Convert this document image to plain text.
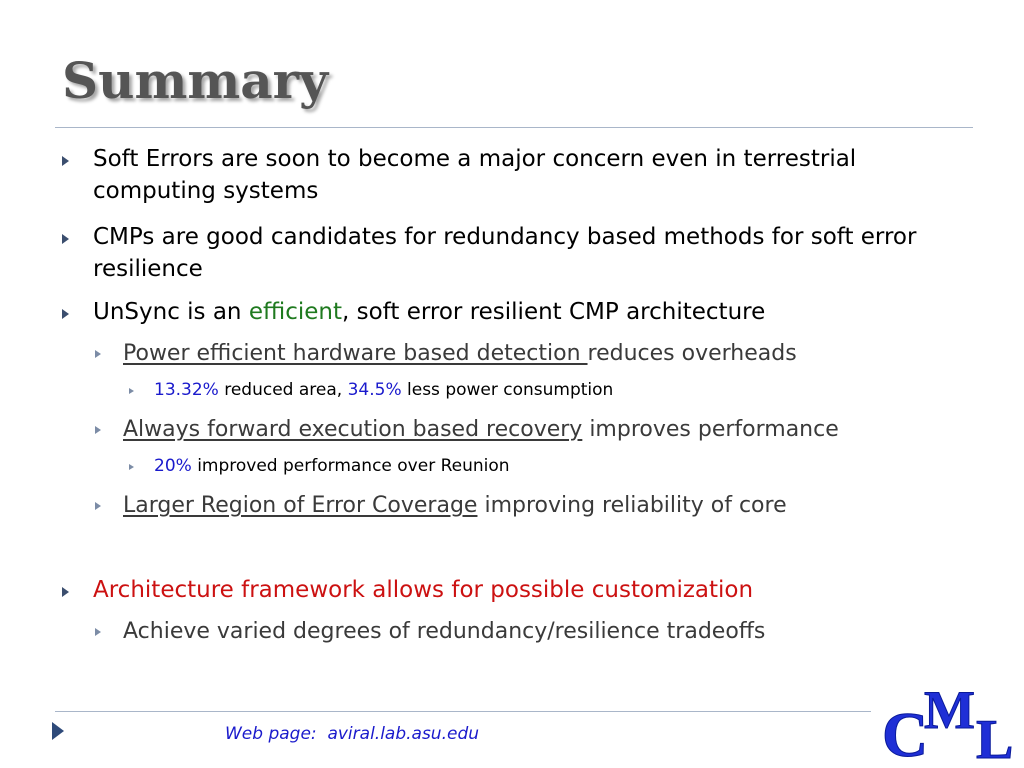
Summary
Soft Errors are soon to become a major concern even in terrestrial computing systems
CMPs are good candidates for redundancy based methods for soft error resilience
UnSync is an efficient, soft error resilient CMP architecture
Power efficient hardware based detection reduces overheads
13.32% reduced area, 34.5% less power consumption
Always forward execution based recovery improves performance
20% improved performance over Reunion
Larger Region of Error Coverage improving reliability of core
Architecture framework allows for possible customization
Achieve varied degrees of redundancy/resilience tradeoffs
Web page:  aviral.lab.asu.edu	C
M L
